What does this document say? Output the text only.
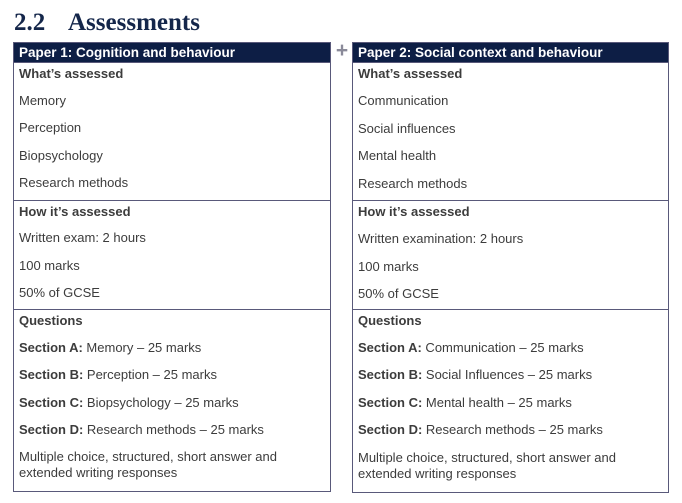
2.2 Assessments
+
Paper 1: Cognition and behaviour
What’s assessed
Memory
Perception
Biopsychology
Research methods
How it’s assessed
Written exam: 2 hours
100 marks
50% of GCSE
Questions
Section A: Memory – 25 marks
Section B: Perception – 25 marks
Section C: Biopsychology – 25 marks
Section D: Research methods – 25 marks
Multiple choice, structured, short answer and extended writing responses
Paper 2: Social context and behaviour
What’s assessed
Communication
Social influences
Mental health
Research methods
How it’s assessed
Written examination: 2 hours
100 marks
50% of GCSE
Questions
Section A: Communication – 25 marks
Section B: Social Influences – 25 marks
Section C: Mental health – 25 marks
Section D: Research methods – 25 marks
Multiple choice, structured, short answer and extended writing responses
